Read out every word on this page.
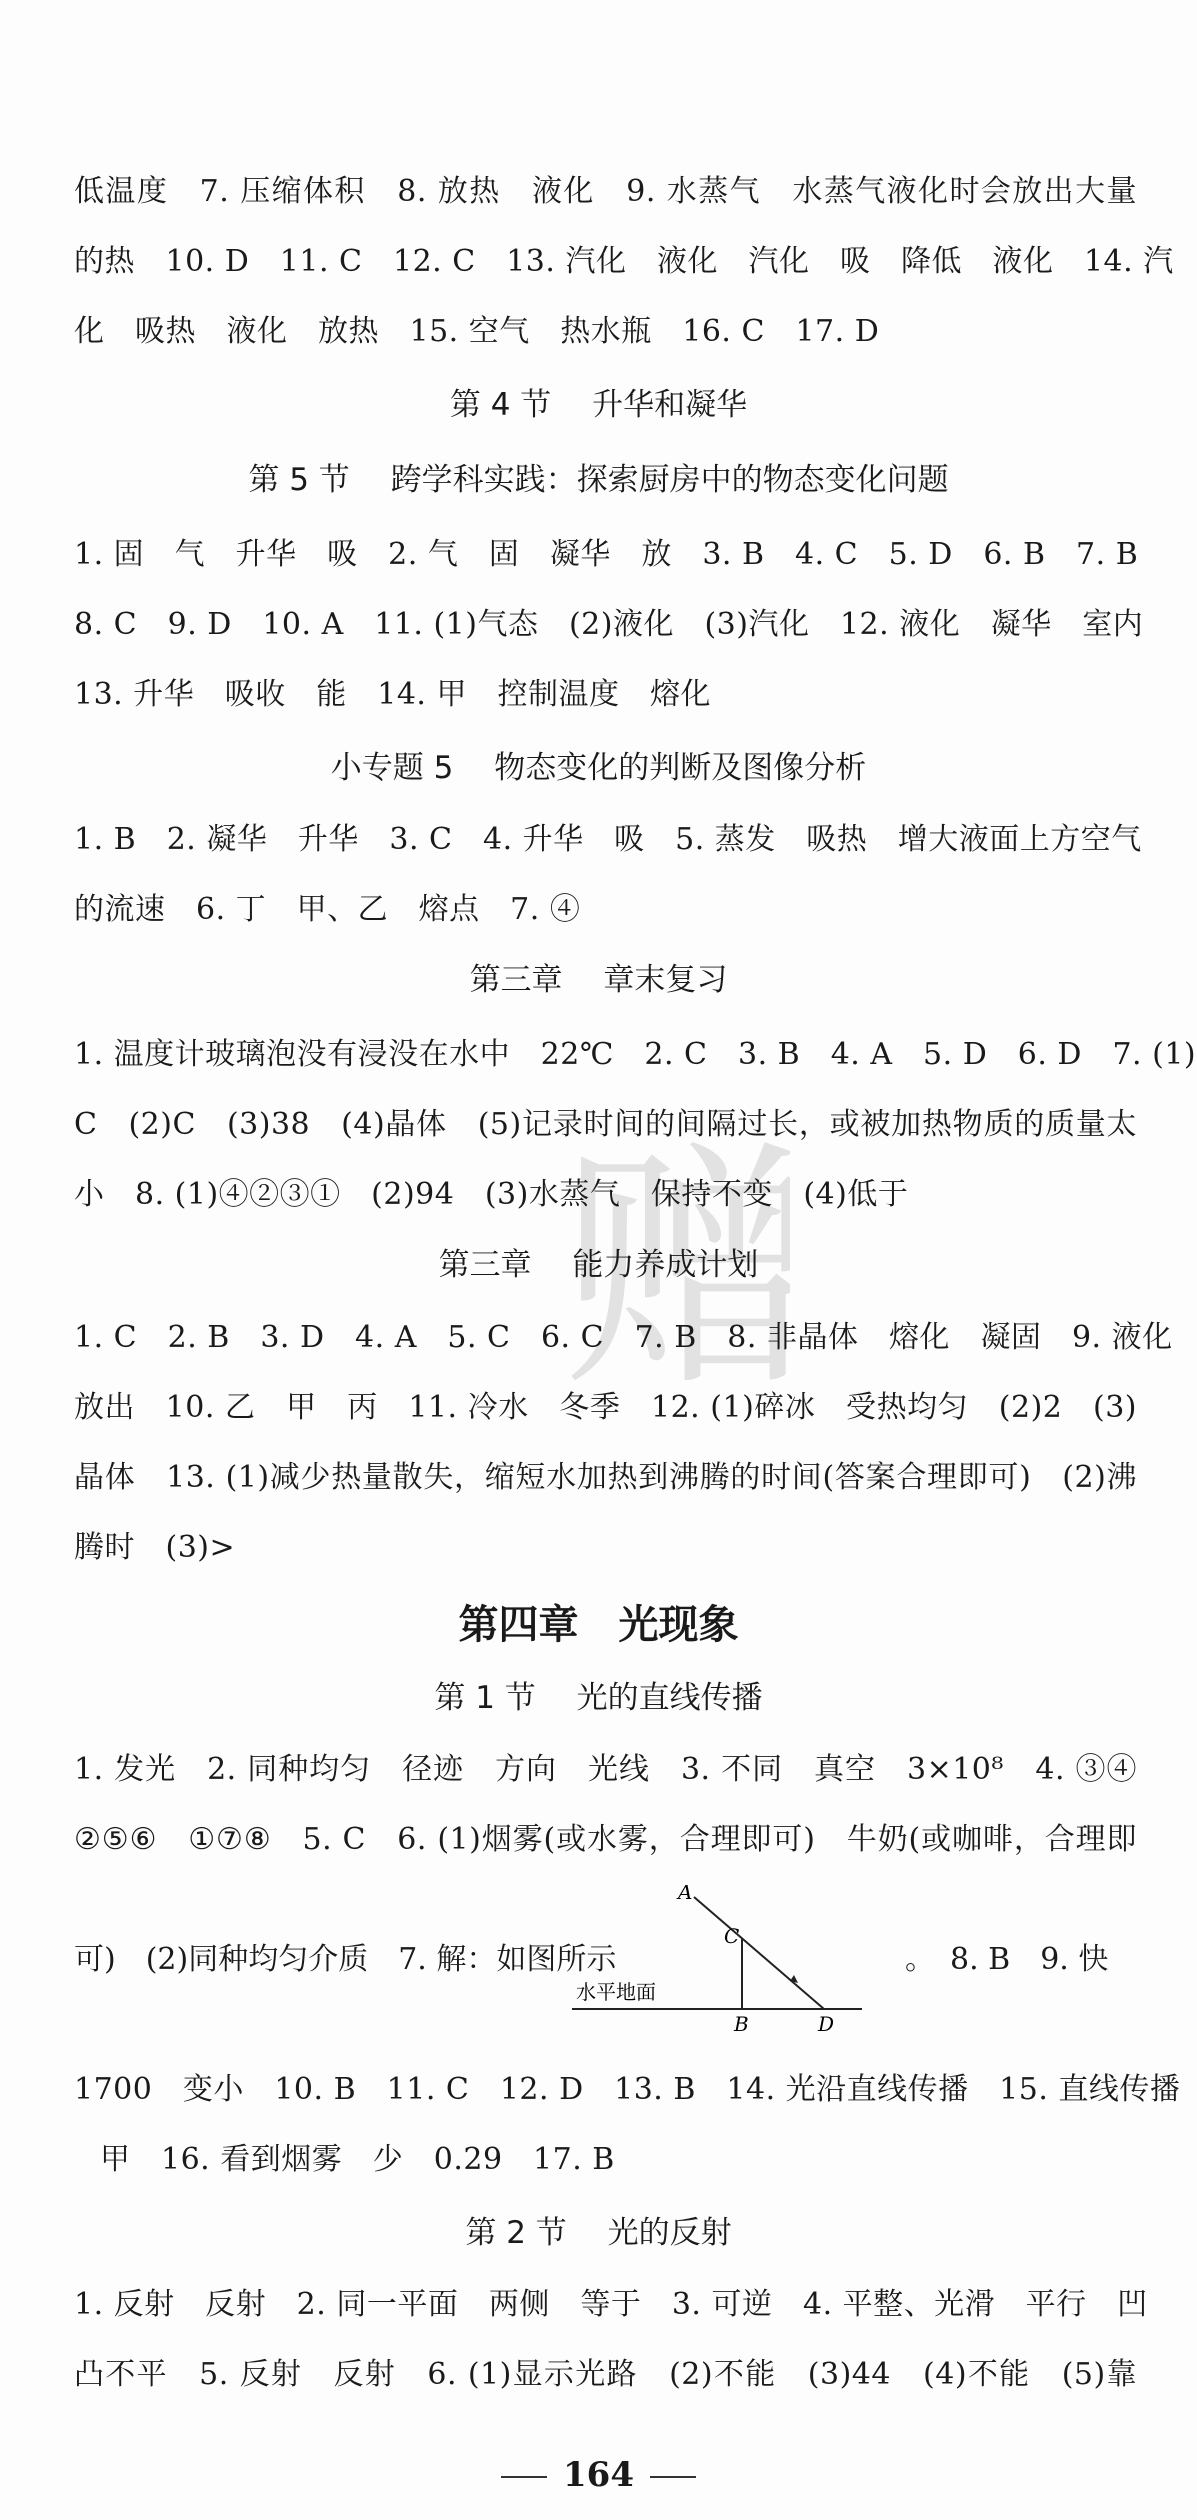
赠
低温度　7. 压缩体积　8. 放热　液化　9. 水蒸气　水蒸气液化时会放出大量
的热　10. D　11. C　12. C　13. 汽化　液化　汽化　吸　降低　液化　14. 汽
化　吸热　液化　放热　15. 空气　热水瓶　16. C　17. D
第 4 节　 升华和凝华
第 5 节　 跨学科实践：探索厨房中的物态变化问题
1. 固　气　升华　吸　2. 气　固　凝华　放　3. B　4. C　5. D　6. B　7. B
8. C　9. D　10. A　11. (1)气态　(2)液化　(3)汽化　12. 液化　凝华　室内
13. 升华　吸收　能　14. 甲　控制温度　熔化
小专题 5　 物态变化的判断及图像分析
1. B　2. 凝华　升华　3. C　4. 升华　吸　5. 蒸发　吸热　增大液面上方空气
的流速　6. 丁　甲、乙　熔点　7. ④
第三章　 章末复习
1. 温度计玻璃泡没有浸没在水中　22℃　2. C　3. B　4. A　5. D　6. D　7. (1)
C　(2)C　(3)38　(4)晶体　(5)记录时间的间隔过长，或被加热物质的质量太
小　8. (1)④②③①　(2)94　(3)水蒸气　保持不变　(4)低于
第三章　 能力养成计划
1. C　2. B　3. D　4. A　5. C　6. C　7. B　8. 非晶体　熔化　凝固　9. 液化
放出　10. 乙　甲　丙　11. 冷水　冬季　12. (1)碎冰　受热均匀　(2)2　(3)
晶体　13. (1)减少热量散失，缩短水加热到沸腾的时间(答案合理即可)　(2)沸
腾时　(3)>
第四章　光现象
第 1 节　 光的直线传播
1. 发光　2. 同种均匀　径迹　方向　光线　3. 不同　真空　3×10⁸　4. ③④
②⑤⑥　①⑦⑧　5. C　6. (1)烟雾(或水雾，合理即可)　牛奶(或咖啡，合理即
可)　(2)同种均匀介质　7. 解：如图所示	。　8. B　9. 快
A
C
B	D
水平地面
1700　变小　10. B　11. C　12. D　13. B　14. 光沿直线传播　15. 直线传播
甲　16. 看到烟雾　少　0.29　17. B
第 2 节　 光的反射
1. 反射　反射　2. 同一平面　两侧　等于　3. 可逆　4. 平整、光滑　平行　凹
凸不平　5. 反射　反射　6. (1)显示光路　(2)不能　(3)44　(4)不能　(5)靠
164
